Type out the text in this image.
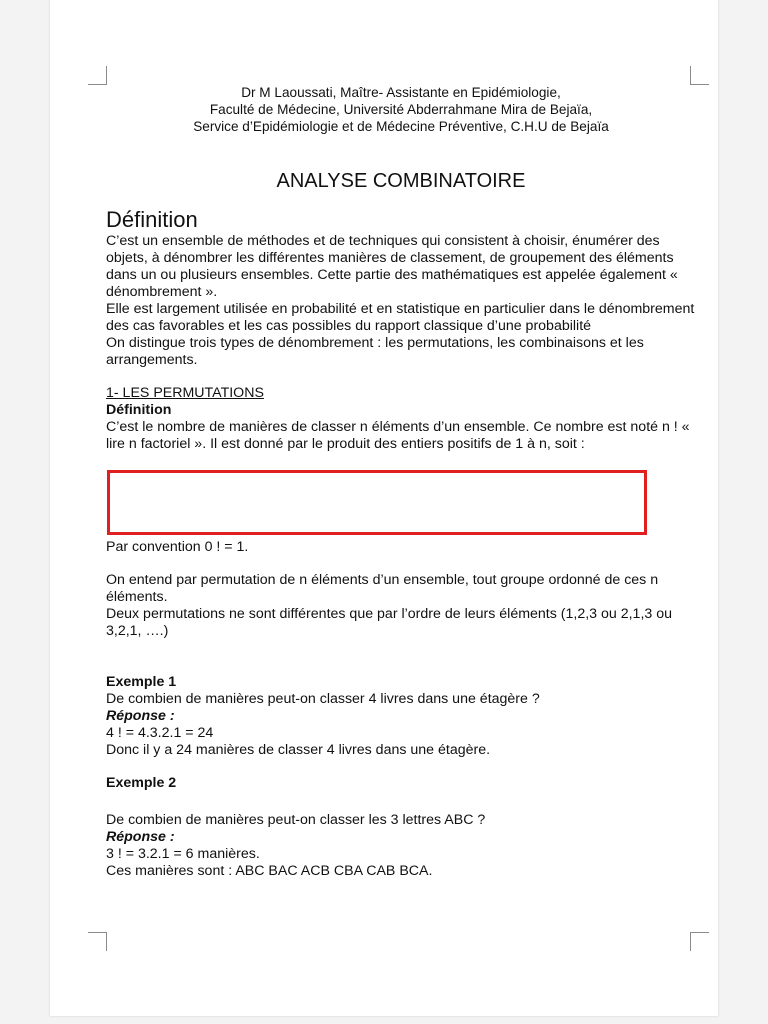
Dr M Laoussati, Maître- Assistante en Epidémiologie,
Faculté de Médecine, Université Abderrahmane Mira de Bejaïa,
Service d’Epidémiologie et de Médecine Préventive, C.H.U de Bejaïa
ANALYSE COMBINATOIRE
Définition

C’est un ensemble de méthodes et de techniques qui consistent à choisir, énumérer des objets, à dénombrer les différentes manières de classement, de groupement des éléments dans un ou plusieurs ensembles. Cette partie des mathématiques est appelée également « dénombrement ».

Elle est largement utilisée en probabilité et en statistique en particulier dans le dénombrement des cas favorables et les cas possibles du rapport classique d’une probabilité

On distingue trois types de dénombrement : les permutations, les combinaisons et les arrangements.

1- LES PERMUTATIONS
Définition

C’est le nombre de manières de classer n éléments d’un ensemble. Ce nombre est noté n ! « lire n factoriel ». Il est donné par le produit des entiers positifs de 1 à n, soit :

Par convention 0 ! = 1.

On entend par permutation de n éléments d’un ensemble, tout groupe ordonné de ces n éléments.

Deux permutations ne sont différentes que par l’ordre de leurs éléments (1,2,3 ou 2,1,3 ou 3,2,1, ….)

Exemple 1

De combien de manières peut-on classer 4 livres dans une étagère ?

Réponse :

4 ! = 4.3.2.1 = 24

Donc il y a 24 manières de classer 4 livres dans une étagère.

Exemple 2

De combien de manières peut-on classer les 3 lettres ABC ?

Réponse :

3 ! = 3.2.1 = 6 manières.

Ces manières sont : ABC BAC ACB CBA CAB BCA.
